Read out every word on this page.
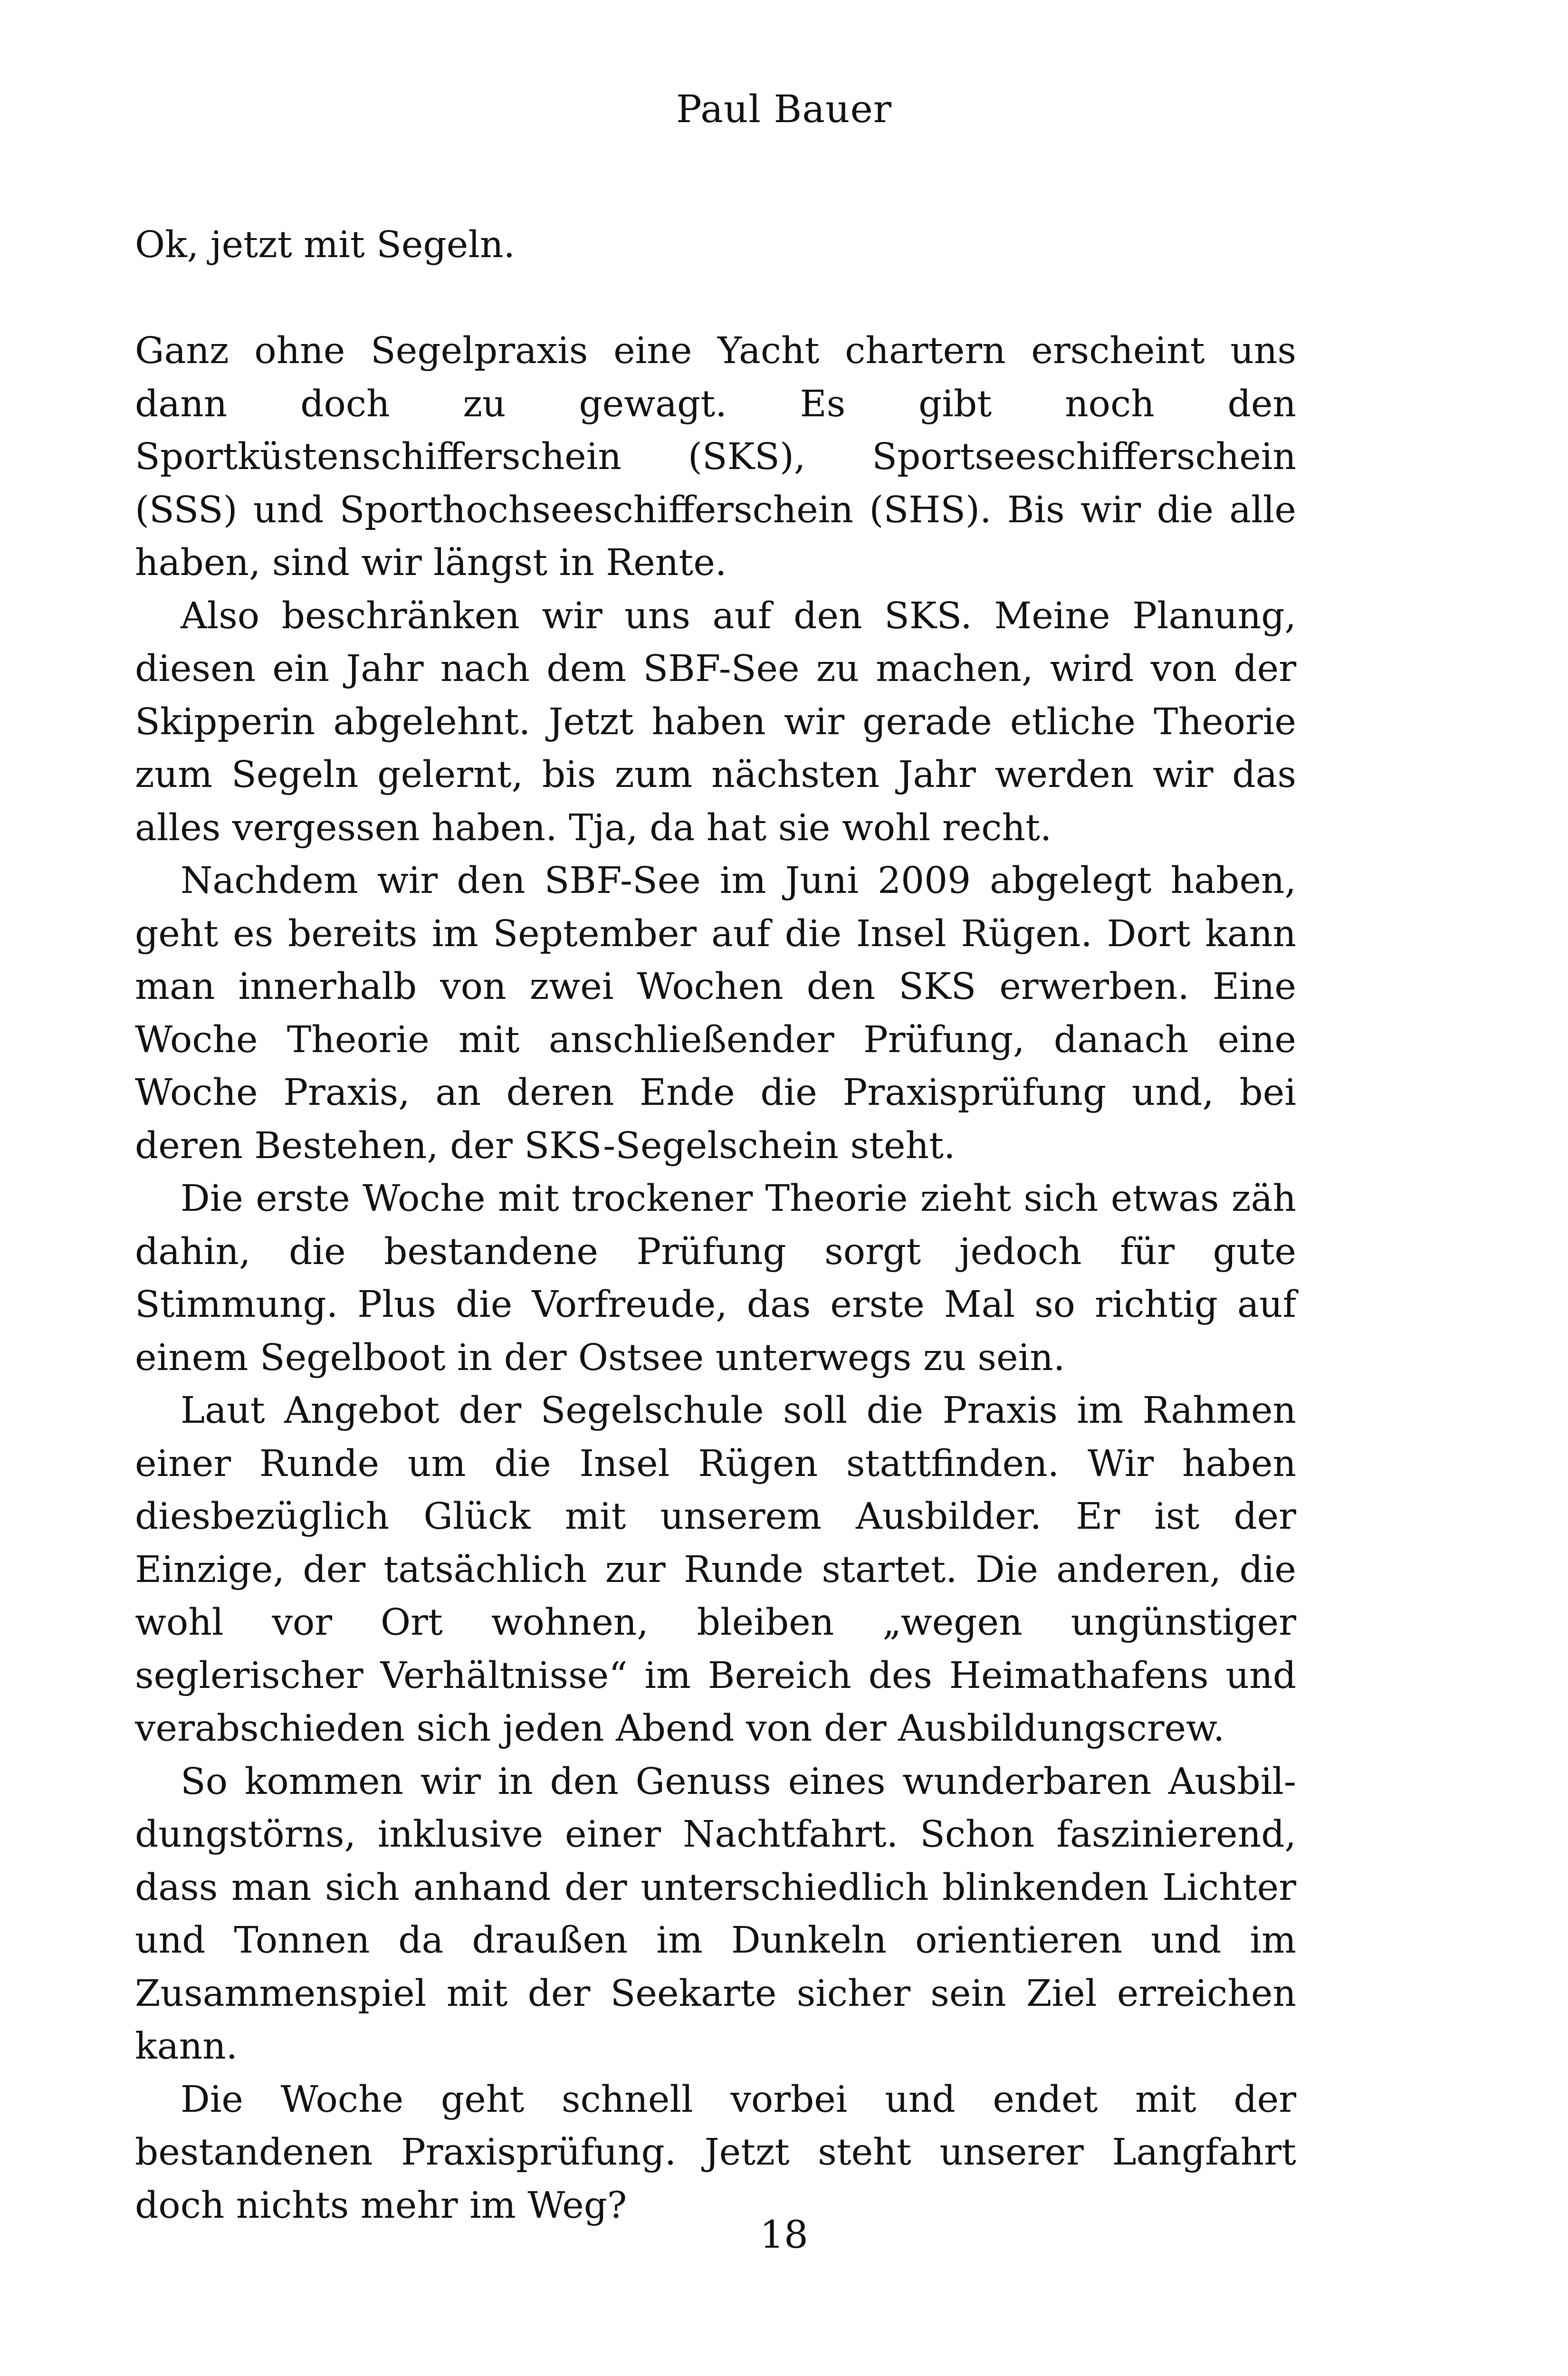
Paul Bauer

Ok, jetzt mit Segeln.

Ganz ohne Segelpraxis eine Yacht chartern erscheint uns dann doch zu gewagt. Es gibt noch den Sportküstenschifferschein (SKS), Sportseeschifferschein (SSS) und Sporthochseeschifferschein (SHS). Bis wir die alle haben, sind wir längst in Rente.

Also beschränken wir uns auf den SKS. Meine Planung, diesen ein Jahr nach dem SBF-See zu machen, wird von der Skipperin abgelehnt. Jetzt haben wir gerade etliche Theorie zum Segeln gelernt, bis zum nächsten Jahr werden wir das alles vergessen haben. Tja, da hat sie wohl recht.

Nachdem wir den SBF-See im Juni 2009 abgelegt haben, geht es bereits im September auf die Insel Rügen. Dort kann man innerhalb von zwei Wochen den SKS erwerben. Eine Woche Theorie mit anschließender Prüfung, danach eine Woche Praxis, an deren Ende die Praxisprüfung und, bei deren Bestehen, der SKS-Segelschein steht.

Die erste Woche mit trockener Theorie zieht sich etwas zäh dahin, die bestandene Prüfung sorgt jedoch für gute Stimmung. Plus die Vorfreude, das erste Mal so richtig auf einem Segelboot in der Ostsee unterwegs zu sein.

Laut Angebot der Segelschule soll die Praxis im Rahmen einer Runde um die Insel Rügen stattfinden. Wir haben diesbezüglich Glück mit unserem Ausbilder. Er ist der Einzige, der tatsächlich zur Runde startet. Die anderen, die wohl vor Ort wohnen, bleiben „wegen ungünstiger seglerischer Verhältnisse“ im Bereich des Heimathafens und verabschieden sich jeden Abend von der Ausbildungscrew.

So kommen wir in den Genuss eines wunderbaren Ausbildungstörns, inklusive einer Nachtfahrt. Schon faszinierend, dass man sich anhand der unterschiedlich blinkenden Lichter und Tonnen da draußen im Dunkeln orientieren und im Zusammenspiel mit der Seekarte sicher sein Ziel erreichen kann.

Die Woche geht schnell vorbei und endet mit der bestandenen Praxisprüfung. Jetzt steht unserer Langfahrt doch nichts mehr im Weg?

18
